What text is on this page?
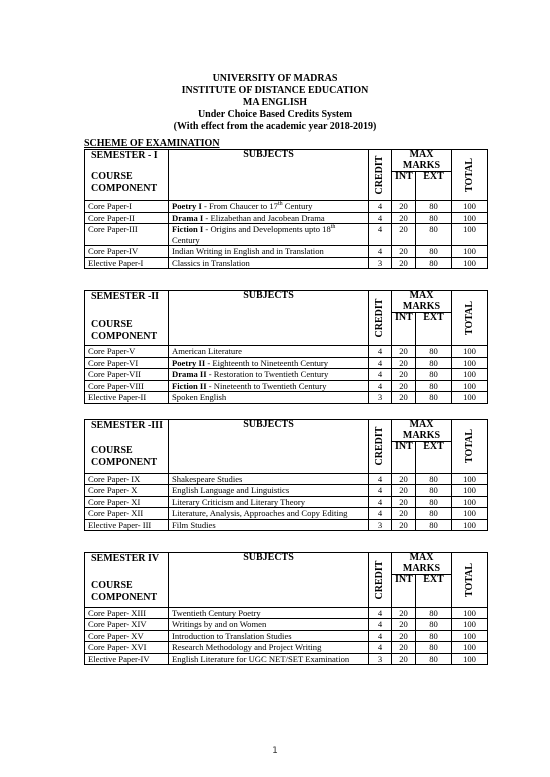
UNIVERSITY OF MADRAS
INSTITUTE OF DISTANCE EDUCATION
MA ENGLISH
Under Choice Based Credits System
(With effect from the academic year 2018-2019)
SCHEME OF EXAMINATION
SEMESTER - I
COURSE COMPONENT	SUBJECTS	CREDIT	MAX MARKS		TOTAL

			INT	EXT	
Core Paper-I	Poetry I - From Chaucer to 17th Century	4	20	80	100
Core Paper-II	Drama I - Elizabethan and Jacobean Drama	4	20	80	100
Core Paper-III	Fiction I - Origins and Developments upto 18th Century	4	20	80	100
Core Paper-IV	Indian Writing in English and in Translation	4	20	80	100
Elective Paper-I	Classics in Translation	3	20	80	100
SEMESTER -II
COURSE COMPONENT	SUBJECTS	CREDIT	MAX MARKS		TOTAL

			INT	EXT	
Core Paper-V	American Literature	4	20	80	100
Core Paper-VI	Poetry II - Eighteenth to Nineteenth Century	4	20	80	100
Core Paper-VII	Drama II - Restoration to Twentieth Century	4	20	80	100
Core Paper-VIII	Fiction II - Nineteenth to Twentieth Century	4	20	80	100
Elective Paper-II	Spoken English	3	20	80	100
SEMESTER -III
COURSE COMPONENT	SUBJECTS	CREDIT	MAX MARKS		TOTAL

			INT	EXT	
Core Paper- IX	Shakespeare Studies	4	20	80	100
Core Paper- X	English Language and Linguistics	4	20	80	100
Core Paper- XI	Literary Criticism and Literary Theory	4	20	80	100
Core Paper- XII	Literature, Analysis, Approaches and Copy Editing	4	20	80	100
Elective Paper- III	Film Studies	3	20	80	100
SEMESTER IV
COURSE COMPONENT	SUBJECTS	CREDIT	MAX MARKS		TOTAL

			INT	EXT	
Core Paper- XIII	Twentieth Century Poetry	4	20	80	100
Core Paper- XIV	Writings by and on Women	4	20	80	100
Core Paper- XV	Introduction to Translation Studies	4	20	80	100
Core Paper- XVI	Research Methodology and Project Writing	4	20	80	100
Elective Paper-IV	English Literature for UGC NET/SET Examination	3	20	80	100
1
